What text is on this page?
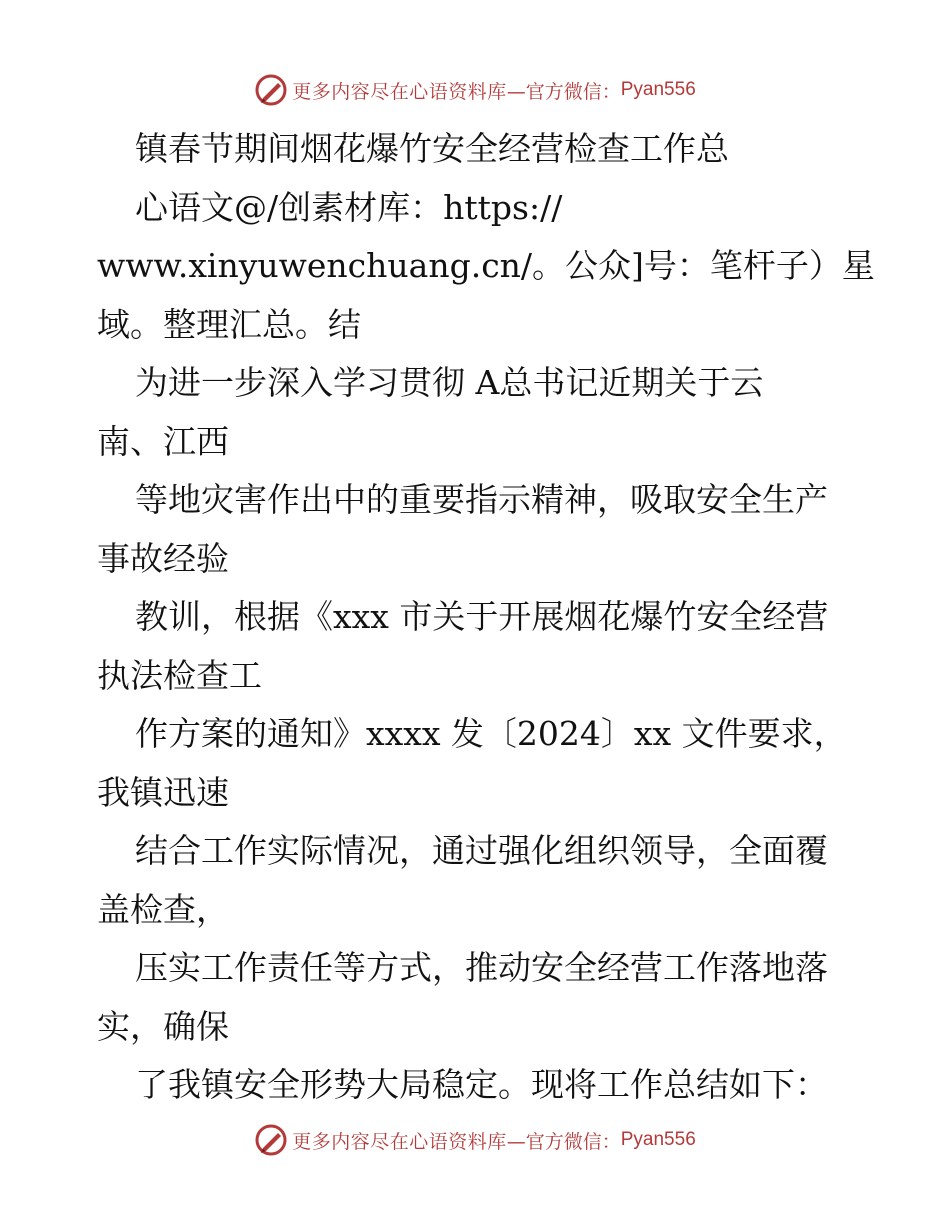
更多内容尽在心语资料库 —官方微信： Pyan556
镇春节期间烟花爆竹安全经营检查工作总
心语文@/创素材库：https://
www.xinyuwenchuang.cn/。公众]号：笔杆子）星
域。整理汇总。结
为进一步深入学习贯彻 A总书记近期关于云
南、江西
等地灾害作出中的重要指示精神，吸取安全生产
事故经验
教训，根据《xxx 市关于开展烟花爆竹安全经营
执法检查工
作方案的通知》xxxx 发〔2024〕xx 文件要求，
我镇迅速
结合工作实际情况，通过强化组织领导，全面覆
盖检查，
压实工作责任等方式，推动安全经营工作落地落
实，确保
了我镇安全形势大局稳定。现将工作总结如下：
更多内容尽在心语资料库 —官方微信： Pyan556
